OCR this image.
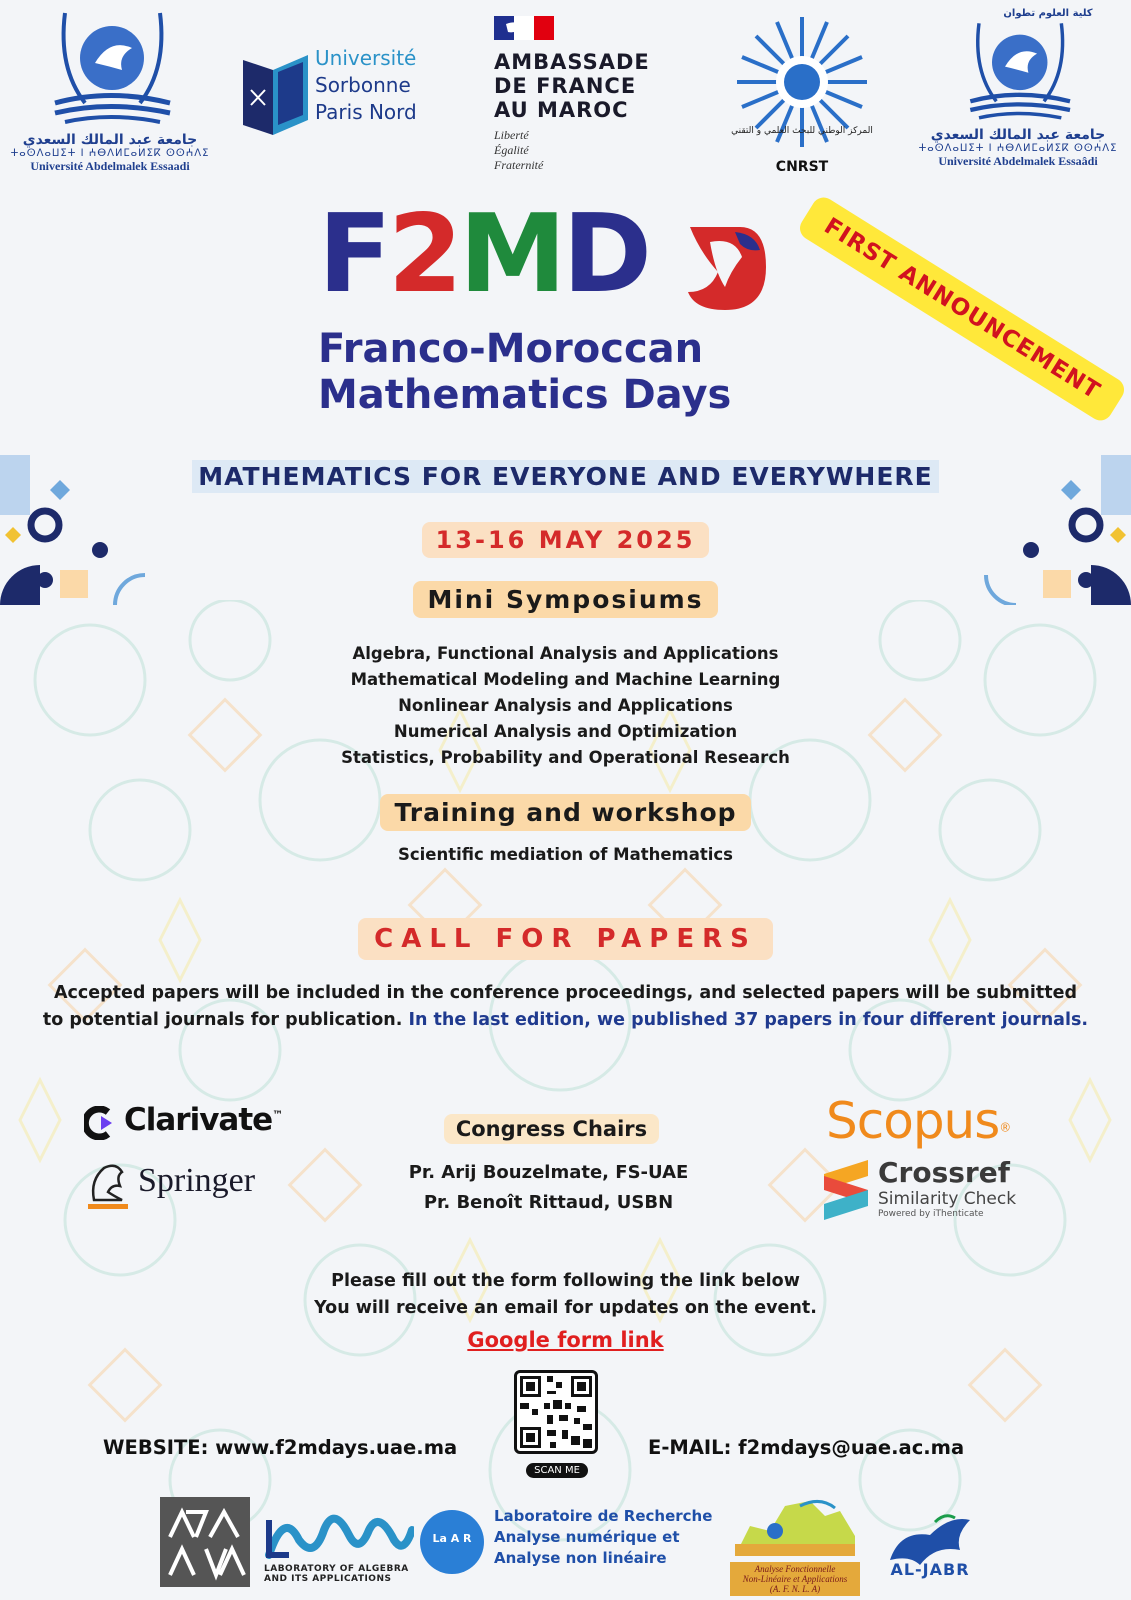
جامعة عبد المالك السعدي
ⵜⴰⵙⴷⴰⵡⵉⵜ ⵏ ⵄⴱⴷⵍⵎⴰⵍⵉⴽ ⵙⵙⵄⴷⵉ
Université Abdelmalek Essaadi
Université
Sorbonne
Paris Nord
AMBASSADE
DE FRANCE
AU MAROC
Liberté
Égalité
Fraternité
المركز الوطني للبحث العلمي و التقني
CNRST
كلية العلوم تطوان
جامعة عبد المالك السعدي
ⵜⴰⵙⴷⴰⵡⵉⵜ ⵏ ⵄⴱⴷⵍⵎⴰⵍⵉⴽ ⵙⵙⵄⴷⵉ
Université Abdelmalek Essaâdi
F2MD
Franco-Moroccan
Mathematics Days	FIRST ANNOUNCEMENT
MATHEMATICS FOR EVERYONE AND EVERYWHERE
13-16 MAY 2025
Mini Symposiums
Algebra, Functional Analysis and Applications
Mathematical Modeling and Machine Learning
Nonlinear Analysis and Applications
Numerical Analysis and Optimization
Statistics, Probability and Operational Research
Training and workshop
Scientific mediation of Mathematics
CALL FOR PAPERS
Accepted papers will be included in the conference proceedings, and selected papers will be submitted
to potential journals for publication. In the last edition, we published 37 papers in four different journals.
Clarivate™
Springer
Scopus®
Crossref
Similarity Check
Powered by iThenticate
Congress Chairs
Pr. Arij Bouzelmate, FS-UAE
Pr. Benoît Rittaud, USBN
Please fill out the form following the link below
You will receive an email for updates on the event.
Google form link
SCAN ME
WEBSITE: www.f2mdays.uae.ma	E-MAIL: f2mdays@uae.ac.ma
LABORATORY OF ALGEBRA
AND ITS APPLICATIONS
La A R
Laboratoire de Recherche
Analyse numérique et
Analyse non linéaire
Analyse Fonctionnelle
Non-Linéaire et Applications
(A. F. N. L. A)
AL-JABR
